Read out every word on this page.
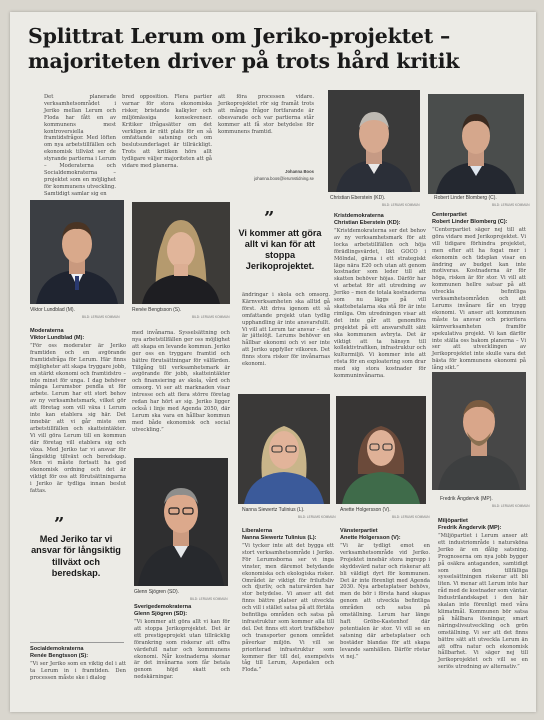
Splittrat Lerum om Jeriko-projektet – majoriteten driver på trots hård kritik
Det planerade verksamhetsområdet i Jeriko mellan Lerum och Floda har fått en av kommunens mest kontroversiella framtidsfrågor. Med löften om nya arbetstillfällen och ekonomisk tillväxt ser de styrande partierna i Lerum – Moderaterna och Socialdemokraterna – projektet som en möjlighet för kommunens utveckling. Samtidigt samlar sig en
bred opposition. Flera partier varnar för stora ekonomiska risker, bristande kalkyler och miljömässiga konsekvenser. Kritiker ifrågasätter om det verkligen är rätt plats för en så omfattande satsning och om beslutsunderlaget är tillräckligt. Trots att kritiken hörs allt tydligare väljer majoriteten att gå vidare med planerna.
att föra processen vidare. Jerikoprojektet rör sig framåt trots att många frågor fortfarande är obesvarade och var partierna står kommer att få stor betydelse för kommunens framtid.
Johanna Boos
johanna.boos@lerumstidning.se
Christian Eberstein (KD).
BILD: LERUMS KOMMUN
Robert Linder Blomberg (C).
BILD: LERUMS KOMMUN
Viktor Lundblad (M).
BILD: LERUMS KOMMUN
Renée Bengtsson (S).
BILD: LERUMS KOMMUN
”
Vi kommer att göra allt vi kan för att stoppa Jerikoprojektet.
ändringar i skola och omsorg. Kärnverksamheten ska alltid gå först. Att driva igenom ett så omfattande projekt utan tydlig upphandling är inte ansvarsfullt. Vi vill att Lerum tar ansvar – det är jättelöjt. Lerums behöver en hållbar ekonomi och vi ser inte att Jeriko uppfyller vilkoren. Det finns stora risker för invånarnas ekonomi.
Kristdemokraterna
Christian Eberstein (KD):
”Kristdemokraterna ser det behov av ny verksamhetsmark för att locka arbetstillfällen och höja förädlingsvärdet, likt GOCO i Mölndal, gärna i ett strategiskt läge nära E20 och utan att genom kostnader som leder till att skatten behöver höjas. Därför har vi arbetat för att utredning av Jeriko – men de totala kostnaderna som nu läggs på vill skattebetalarna ska stå för är inte rimliga. Om utredningen visar att det inte går att genomföra projektet på ett ansvarsfullt sätt ska kommunen avbryta. Det är viktigt att ta hänsyn till kollektivtrafiken, infrastruktur och kulturmiljö. Vi kommer inte att rösta för en exploatering som drar med sig stora kostnader för kommuninvånarna.
Centerpartiet
Robert Linder Blomberg (C):
”Centerpartiet säger nej till att göra vidare med Jerikoprojektet. Vi vill tidigare förhindra projektet, men efter att ha fogat mer i ekonomin och tidsplan visar en ändring av budget kan inte motiveras. Kostnaderna är för höga, risken är för stor. Vi vill att kommunen hellre satsar på att utveckla befintliga verksamhetsområden och att Lerums invånare får en trygg ekonomi. Vi anser att kommunen måste ta ansvar och prioritera kärnverksamheten framför spekulativa projekt. Vi kan därför inte ställa oss bakom planerna – Vi ser att utvecklingen av Jerikoprojektet inte skulle vara det bästa för kommunens ekonomi på lång sikt.”
Moderaterna
Viktor Lundblad (M):
”För oss moderater är Jeriko framtiden och en avgörande framtidsfråga för Lerum. Här finns möjligheter att skapa tryggare jobb, en stärkt ekonomi och framtidstro – inte minst för unga. I dag behöver många Lerumsbor pendla ut för arbete. Lerum har ett stort behov av ny verksamhetsmark, vilket gör att företag som vill växa i Lerum inte kan etablera sig här. Det innebär att vi går miste om arbetstillfällen och skatteintäkter. Vi vill göra Lerum till en kommun där företag vill etablera sig och växa. Med Jeriko tar vi ansvar för långsiktig tillväxt och beredskap. Men vi måste fortsatt ha god ekonomisk ordning och det är viktigt för oss att förutsättningarna i Jeriko är tydliga innan beslut fattas.
med invånarna. Sysselsättning och nya arbetstillfällen ger oss möjlighet att skapa en levande kommun. Jeriko ger oss en tryggare framtid och bättre förutsättningar för välfärden. Tillgång till verksamhetsmark är avgörande för jobb, skatteintäkter och finansiering av skola, vård och omsorg. Vi ser att marknaden visar intresse och att flera större företag redan har hört av sig. Jeriko ligger också i linje med Agenda 2050, där Lerum ska vara en hållbar kommun med både ekonomisk och social utveckling.”
”
Med Jeriko tar vi ansvar för långsiktig tillväxt och beredskap.
Socialdemokraterna
Renée Bengtsson (S):
”Vi ser Jeriko som en viktig del i att ta Lerum in i framtiden. Den processen måste ske i dialog
Glenn Sjögren (SD).
BILD: LERUMS KOMMUN
Sverigedemokraterna
Glenn Sjögren (SD):
”Vi kommer att göra allt vi kan för att stoppa Jerikoprojektet. Det är ett prestigeprojekt utan tillräcklig förankring som riskerar att offra värdefull natur och kommunens ekonomi. Når kostnaderna skenar är det invånarna som får betala genom höjd skatt och nedskärningar.
Nanna Siewertz Tulinius (L).
BILD: LERUMS KOMMUN
Anette Holgersson (V).
BILD: LERUMS KOMMUN
Fredrik Ängdervik (MP).
BILD: LERUMS KOMMUN
Liberalerna
Nanna Siewertz Tulinius (L):
”Vi tycker inte att det bygga ett stort verksamhetsområde i Jeriko. För Lerumsborna ser vi inga vinster, men däremot betydande ekonomiska och ekologiska risker. Området är viktigt för friluftsliv och djurliv, och naturvärden har stor betydelse. Vi anser att det finns bättre platser att utveckla och vill i stället satsa på att förtäta befintliga områden och satsa på infrastruktur som kommer alla till del. Det finns ett stort trafikbehov och transporter genom området påverkar miljön. Vi vill se prioriterad infrastruktur som kommer fler till del, exempelvis tåg till Lerum, Aspedalen och Floda.”
Vänsterpartiet
Anette Holgersson (V):
”Vi är tydligt emot en verksamhetsområde vid Jeriko. Projektet innebär stora ingrepp i skyddsvärd natur och riskerar att bli väldigt dyrt för kommunen. Det är inte förenligt med Agenda 2030. Nya arbetsplatser behövs, men de bör i första hand skapas genom att utveckla befintliga områden och satsa på omställning. Lerum har länge haft Gröbo-Kastenhof där potentialen är stor. Vi vill se en satsning där arbetsplatser och bostäder blandas för att skapa levande samhällen. Därför röstar vi nej.”
Miljöpartiet
Fredrik Ängdervik (MP):
”Miljöpartiet i Lerum anser att ett industriområde i naturskönа Jeriko är en dålig satsning. Prognoserna om nya jobb bygger på osäkra antaganden, samtidigt som den tillfälliga sysselsättningen riskerar att bli liten. Vi menar att Lerum inte har råd med de kostnader som väntar. Industrilandskapet i den här skalan inte förenligt med våra klimatmål. Kommunen bör satsa på hållbara lösningar, smart näringslivsutveckling och grön omställning. Vi ser att det finns bättre sätt att utveckla Lerum än att offra natur och ekonomisk hållbarhet. Vi säger nej till Jerikoprojektet och vill se en seriös utredning av alternativ.”
